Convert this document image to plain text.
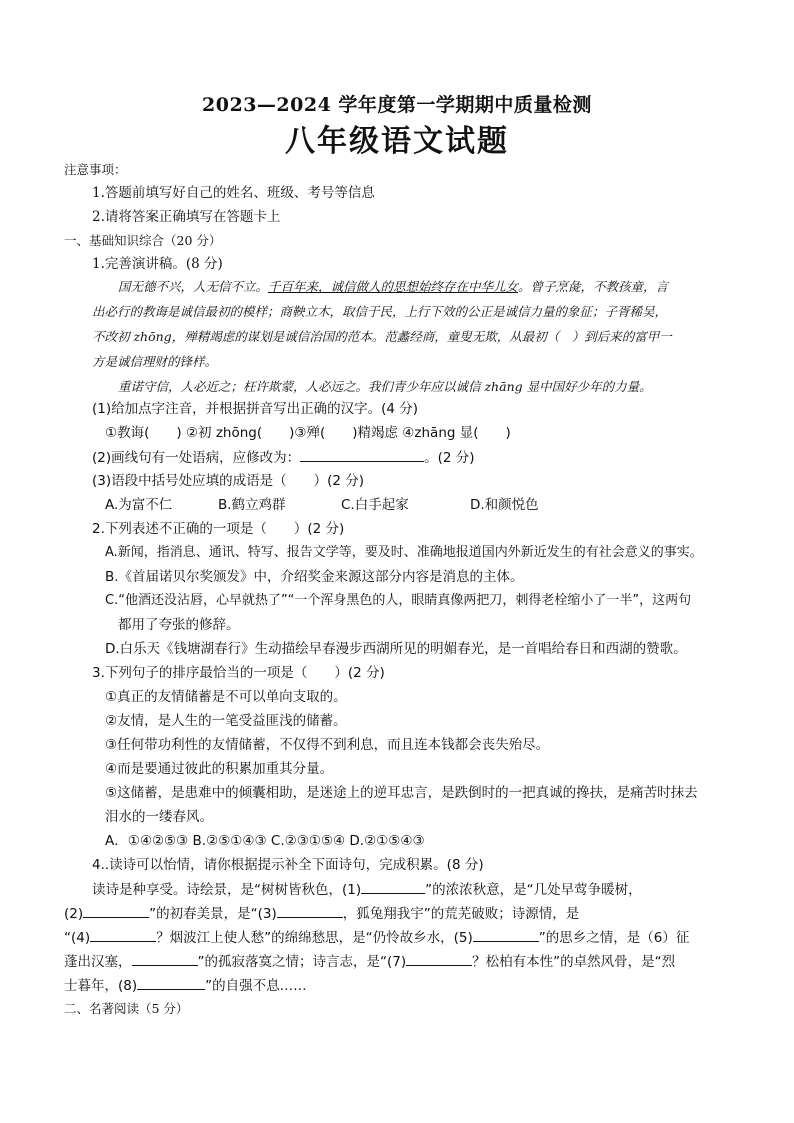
2023—2024 学年度第一学期期中质量检测
八年级语文试题
注意事项：
1.答题前填写好自己的姓名、班级、考号等信息
2.请将答案正确填写在答题卡上
一、基础知识综合（20 分）
1.完善演讲稿。(8 分)
国无德不兴，人无信不立。千百年来，诚信做人的思想始终存在中华儿女。曾子烹彘，不教孩童，言
出必行的教诲是诚信最初的模样；商鞅立木，取信于民，上行下效的公正是诚信力量的象征；子胥稀吴，
不改初 zhōng，殚精竭虑的谋划是诚信治国的范本。范蠡经商，童叟无欺，从最初（　）到后来的富甲一
方是诚信理财的锋样。
重诺守信，人必近之；枉许欺蒙，人必远之。我们青少年应以诚信 zhāng 显中国好少年的力量。
(1)给加点字注音，并根据拼音写出正确的汉字。(4 分)
①教诲(　　) ②初 zhōng(　　)③殚(　　)精竭虑 ④zhāng 显(　　)
(2)画线句有一处语病，应修改为：	。(2 分)
(3)语段中括号处应填的成语是（　　）(2 分)
A.为富不仁	B.鹤立鸡群	C.白手起家	D.和颜悦色
2.下列表述不正确的一项是（　　）(2 分)
A.新闻，指消息、通讯、特写、报告文学等，要及时、准确地报道国内外新近发生的有社会意义的事实。
B.《首届诺贝尔奖颁发》中，介绍奖金来源这部分内容是消息的主体。
C.“他酒还没沾唇，心早就热了”“一个浑身黑色的人，眼睛真像两把刀，刺得老栓缩小了一半”，这两句
都用了夸张的修辞。
D.白乐天《钱塘湖春行》生动描绘早春漫步西湖所见的明媚春光，是一首唱给春日和西湖的赞歌。
3.下列句子的排序最恰当的一项是（　　）(2 分)
①真正的友情储蓄是不可以单向支取的。
②友情，是人生的一笔受益匪浅的储蓄。
③任何带功利性的友情储蓄，不仅得不到利息，而且连本钱都会丧失殆尽。
④而是要通过彼此的积累加重其分量。
⑤这储蓄，是患难中的倾囊相助，是迷途上的逆耳忠言，是跌倒时的一把真诚的搀扶，是痛苦时抹去
泪水的一缕春风。
A．①④②⑤③ B.②⑤①④③ C.②③①⑤④ D.②①⑤④③
4..读诗可以怡情，请你根据提示补全下面诗句，完成积累。(8 分)
读诗是种享受。诗绘景，是“树树皆秋色，(1)	”的浓浓秋意，是“几处早莺争暖树，
(2)	”的初春美景，是“(3)	，狐兔翔我宇”的荒芜破败；诗源情，是
“(4)	？烟波江上使人愁”的绵绵愁思，是“仍怜故乡水，(5)	”的思乡之情，是（6）征
蓬出汉塞，	”的孤寂落寞之情；诗言志，是“(7)	？松柏有本性”的卓然风骨，是“烈
士暮年，(8)	”的自强不息……
二、名著阅读（5 分）
